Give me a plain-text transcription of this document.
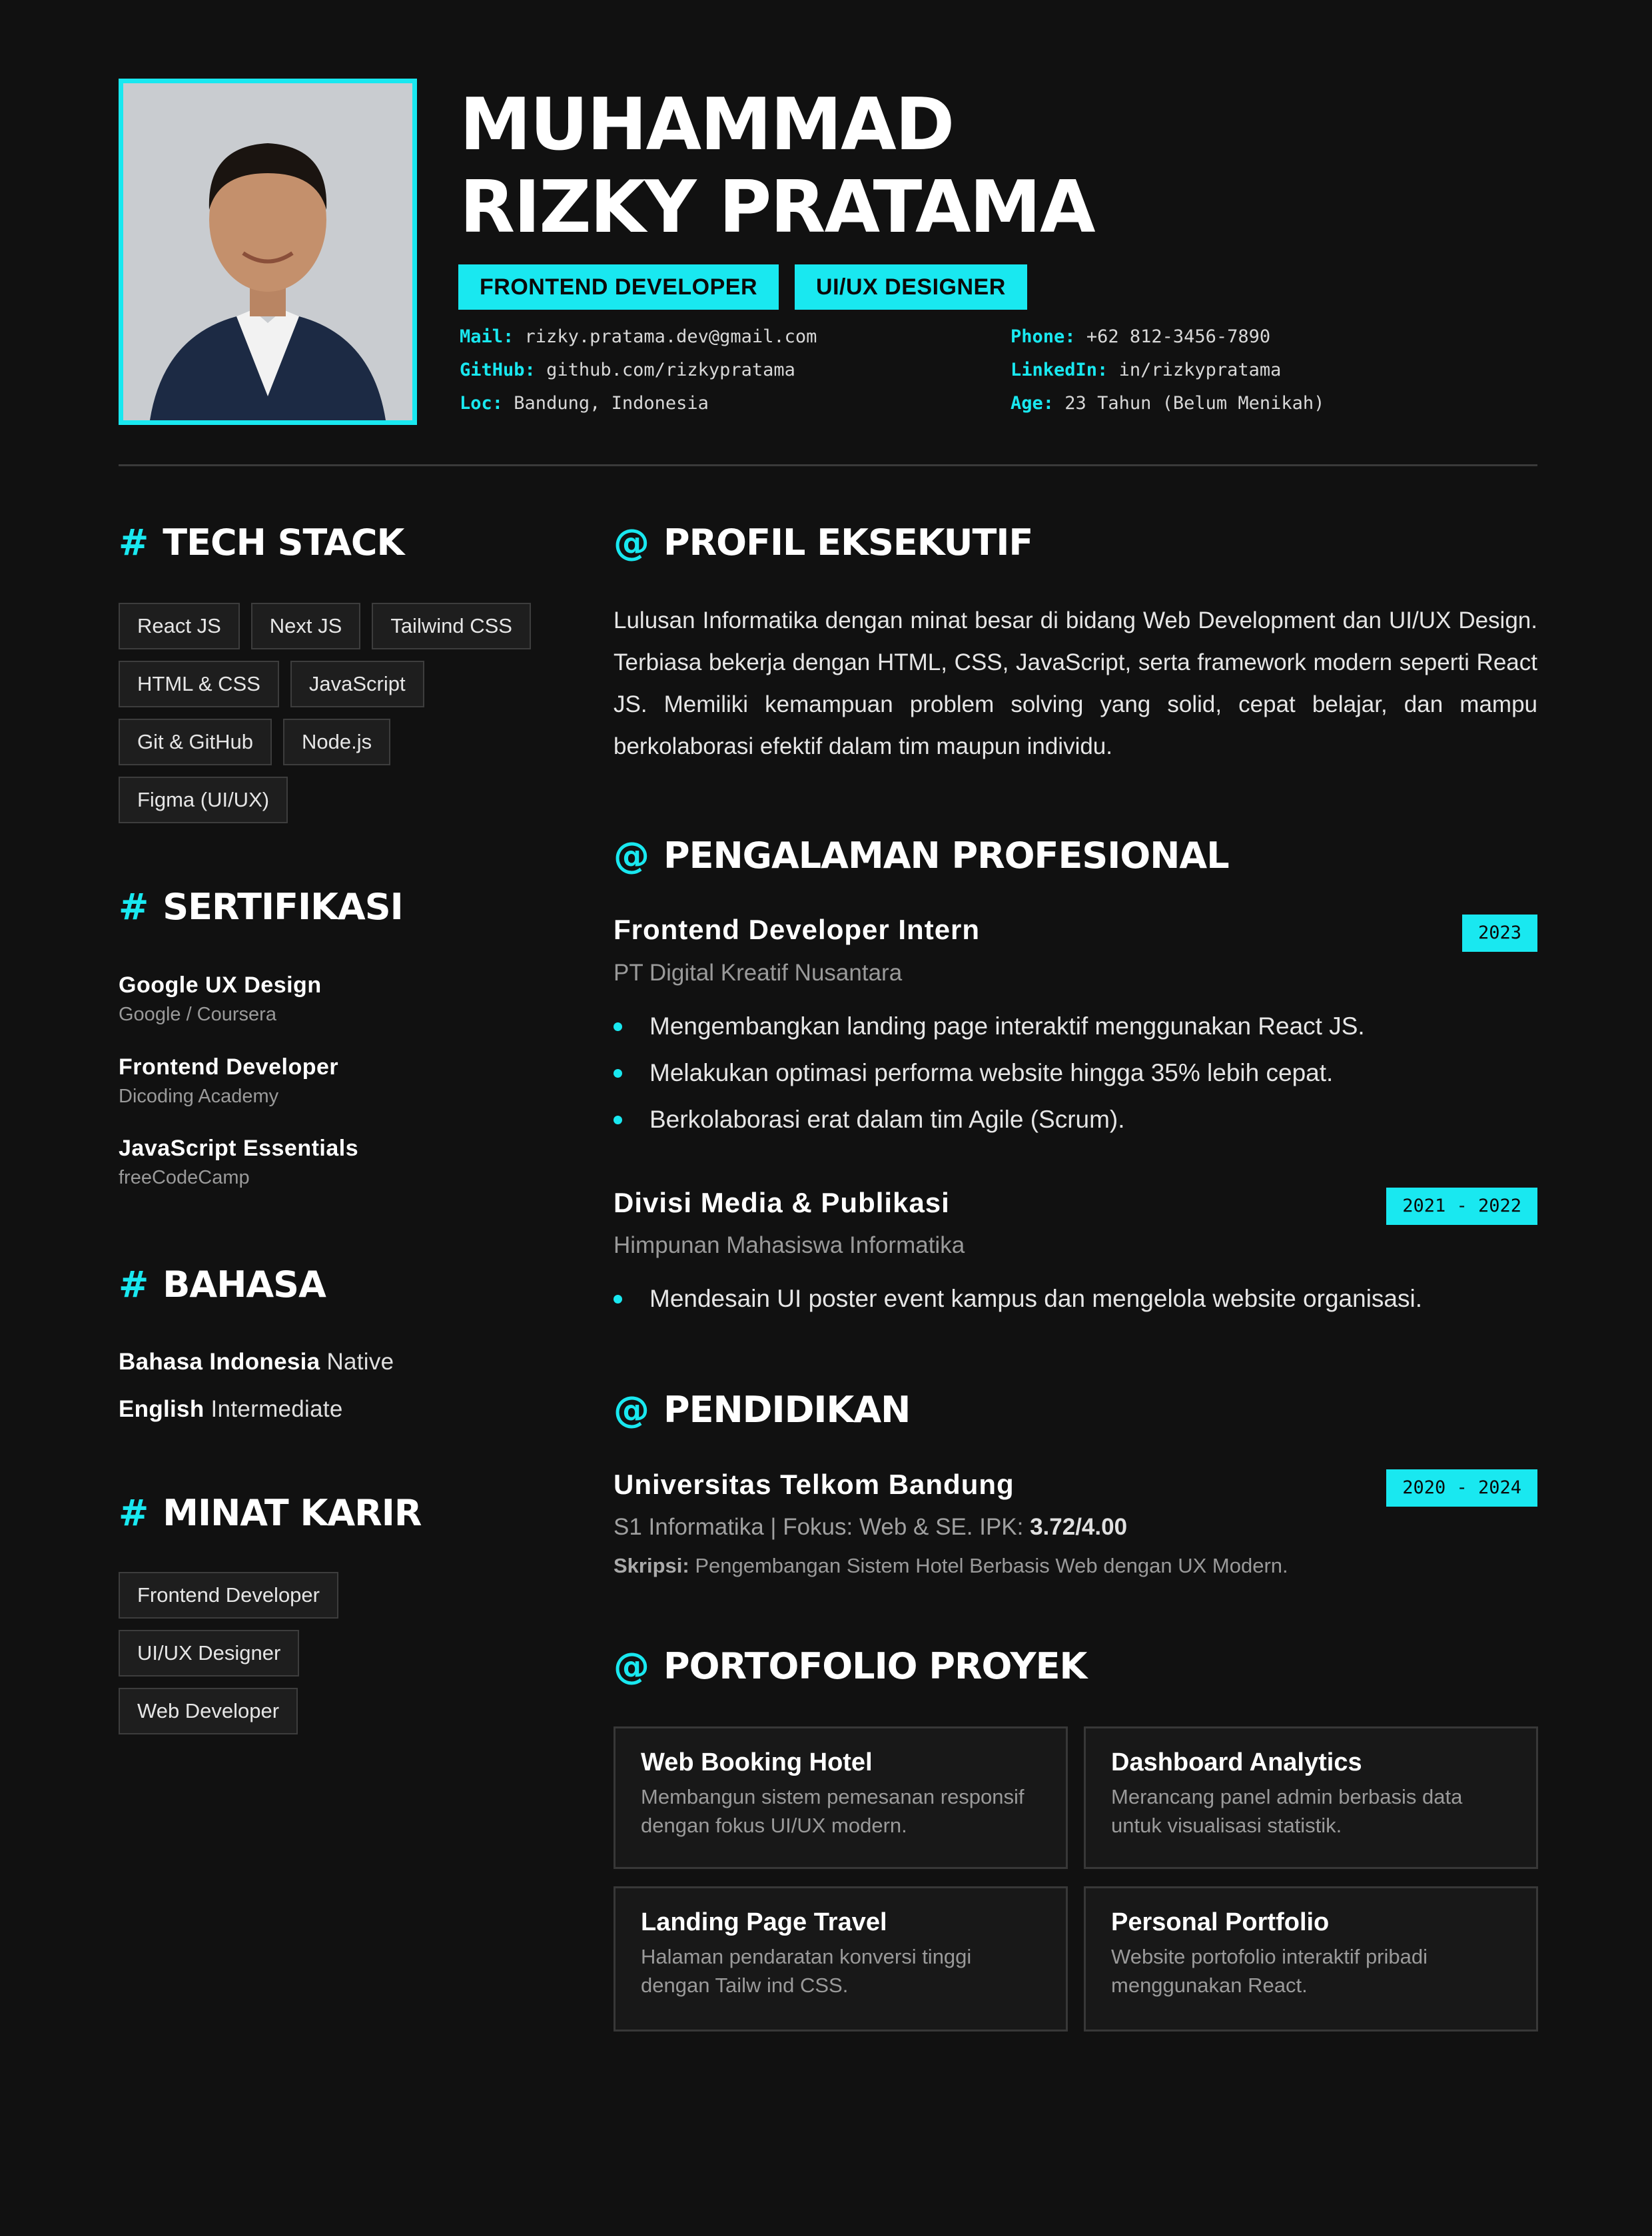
MUHAMMAD
RIZKY PRATAMA
FRONTEND DEVELOPER	UI/UX DESIGNER
Mail: rizky.pratama.dev@gmail.com
GitHub: github.com/rizkypratama
Loc: Bandung, Indonesia
Phone: +62 812-3456-7890
LinkedIn: in/rizkypratama
Age: 23 Tahun (Belum Menikah)
# TECH STACK
React JS	Next JS	Tailwind CSS
HTML & CSS	JavaScript
Git & GitHub	Node.js
Figma (UI/UX)
# SERTIFIKASI
Google UX Design
Google / Coursera
Frontend Developer
Dicoding Academy
JavaScript Essentials
freeCodeCamp
# BAHASA
Bahasa Indonesia Native
English Intermediate
# MINAT KARIR
Frontend Developer
UI/UX Designer
Web Developer
@ PROFIL EKSEKUTIF

Lulusan Informatika dengan minat besar di bidang Web Development dan UI/UX Design. Terbiasa bekerja dengan HTML, CSS, JavaScript, serta framework modern seperti React JS. Memiliki kemampuan problem solving yang solid, cepat belajar, dan mampu berkolaborasi efektif dalam tim maupun individu.

@ PENGALAMAN PROFESIONAL
Frontend Developer Intern	2023
PT Digital Kreatif Nusantara
Mengembangkan landing page interaktif menggunakan React JS.
Melakukan optimasi performa website hingga 35% lebih cepat.
Berkolaborasi erat dalam tim Agile (Scrum).
Divisi Media & Publikasi	2021 - 2022
Himpunan Mahasiswa Informatika
Mendesain UI poster event kampus dan mengelola website organisasi.
@ PENDIDIKAN
Universitas Telkom Bandung	2020 - 2024
S1 Informatika | Fokus: Web & SE. IPK: 3.72/4.00
Skripsi: Pengembangan Sistem Hotel Berbasis Web dengan UX Modern.
@ PORTOFOLIO PROYEK
Web Booking Hotel
Membangun sistem pemesanan responsif dengan fokus UI/UX modern.
Dashboard Analytics
Merancang panel admin berbasis data untuk visualisasi statistik.
Landing Page Travel
Halaman pendaratan konversi tinggi dengan Tailw ind CSS.
Personal Portfolio
Website portofolio interaktif pribadi menggunakan React.
